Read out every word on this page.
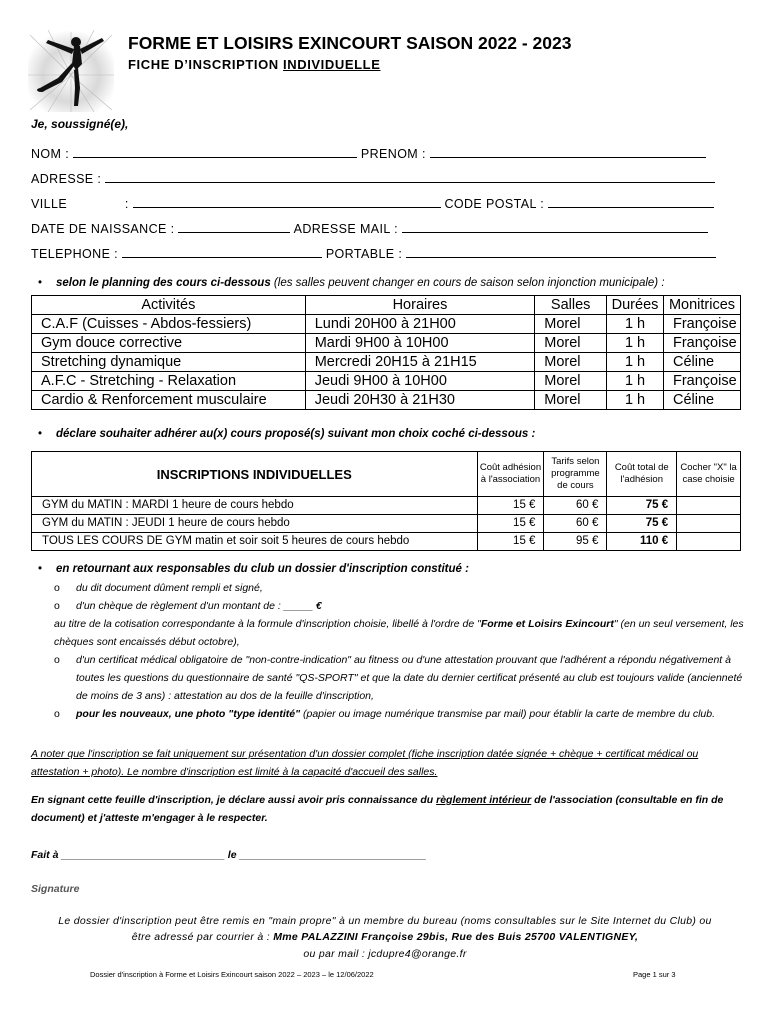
FORME ET LOISIRS EXINCOURT SAISON 2022 - 2023
FICHE D’INSCRIPTION INDIVIDUELLE
Je, soussigné(e),
NOM :	PRENOM :
ADRESSE :
VILLE	:	CODE POSTAL :
DATE DE NAISSANCE :	ADRESSE MAIL :
TELEPHONE :	PORTABLE :
• selon le planning des cours ci-dessous (les salles peuvent changer en cours de saison selon injonction municipale) :
Activités	Horaires	Salles	Durées	Monitrices
C.A.F (Cuisses - Abdos-fessiers)	Lundi 20H00 à 21H00	Morel	1 h	Françoise
Gym douce corrective	Mardi 9H00 à 10H00	Morel	1 h	Françoise
Stretching dynamique	Mercredi 20H15 à 21H15	Morel	1 h	Céline
A.F.C - Stretching - Relaxation	Jeudi 9H00 à 10H00	Morel	1 h	Françoise
Cardio & Renforcement musculaire	Jeudi 20H30 à 21H30	Morel	1 h	Céline
• déclare souhaiter adhérer au(x) cours proposé(s) suivant mon choix coché ci-dessous :
INSCRIPTIONS INDIVIDUELLES	Coût adhésion à l'association	Tarifs selon programme de cours	Coût total de l'adhésion	Cocher "X" la case choisie
GYM du MATIN : MARDI 1 heure de cours hebdo	15 €	60 €	75 €	
GYM du MATIN : JEUDI 1 heure de cours hebdo	15 €	60 €	75 €	
TOUS LES COURS DE GYM matin et soir soit 5 heures de cours hebdo	15 €	95 €	110 €	
• en retournant aux responsables du club un dossier d'inscription constitué :
o du dit document dûment rempli et signé,
o d'un chèque de règlement d'un montant de : _____ €
au titre de la cotisation correspondante à la formule d'inscription choisie, libellé à l'ordre de "Forme et Loisirs Exincourt" (en un seul versement, les chèques sont encaissés début octobre),
o d'un certificat médical obligatoire de "non-contre-indication" au fitness ou d'une attestation prouvant que l'adhérent a répondu négativement à toutes les questions du questionnaire de santé "QS-SPORT" et que la date du dernier certificat présenté au club est toujours valide (ancienneté de moins de 3 ans) : attestation au dos de la feuille d'inscription,
o pour les nouveaux, une photo "type identité" (papier ou image numérique transmise par mail) pour établir la carte de membre du club.
A noter que l'inscription se fait uniquement sur présentation d'un dossier complet (fiche inscription datée signée + chèque + certificat médical ou attestation + photo). Le nombre d'inscription est limité à la capacité d'accueil des salles.
En signant cette feuille d'inscription, je déclare aussi avoir pris connaissance du règlement intérieur de l'association (consultable en fin de document) et j'atteste m'engager à le respecter.
Fait à ____________________________ le ________________________________
Signature
Le dossier d'inscription peut être remis en "main propre" à un membre du bureau (noms consultables sur le Site Internet du Club) ou
être adressé par courrier à : Mme PALAZZINI Françoise 29bis, Rue des Buis 25700 VALENTIGNEY,
ou par mail : jcdupre4@orange.fr
Dossier d'inscription à Forme et Loisirs Exincourt saison 2022 – 2023 – le 12/06/2022	Page 1 sur 3
